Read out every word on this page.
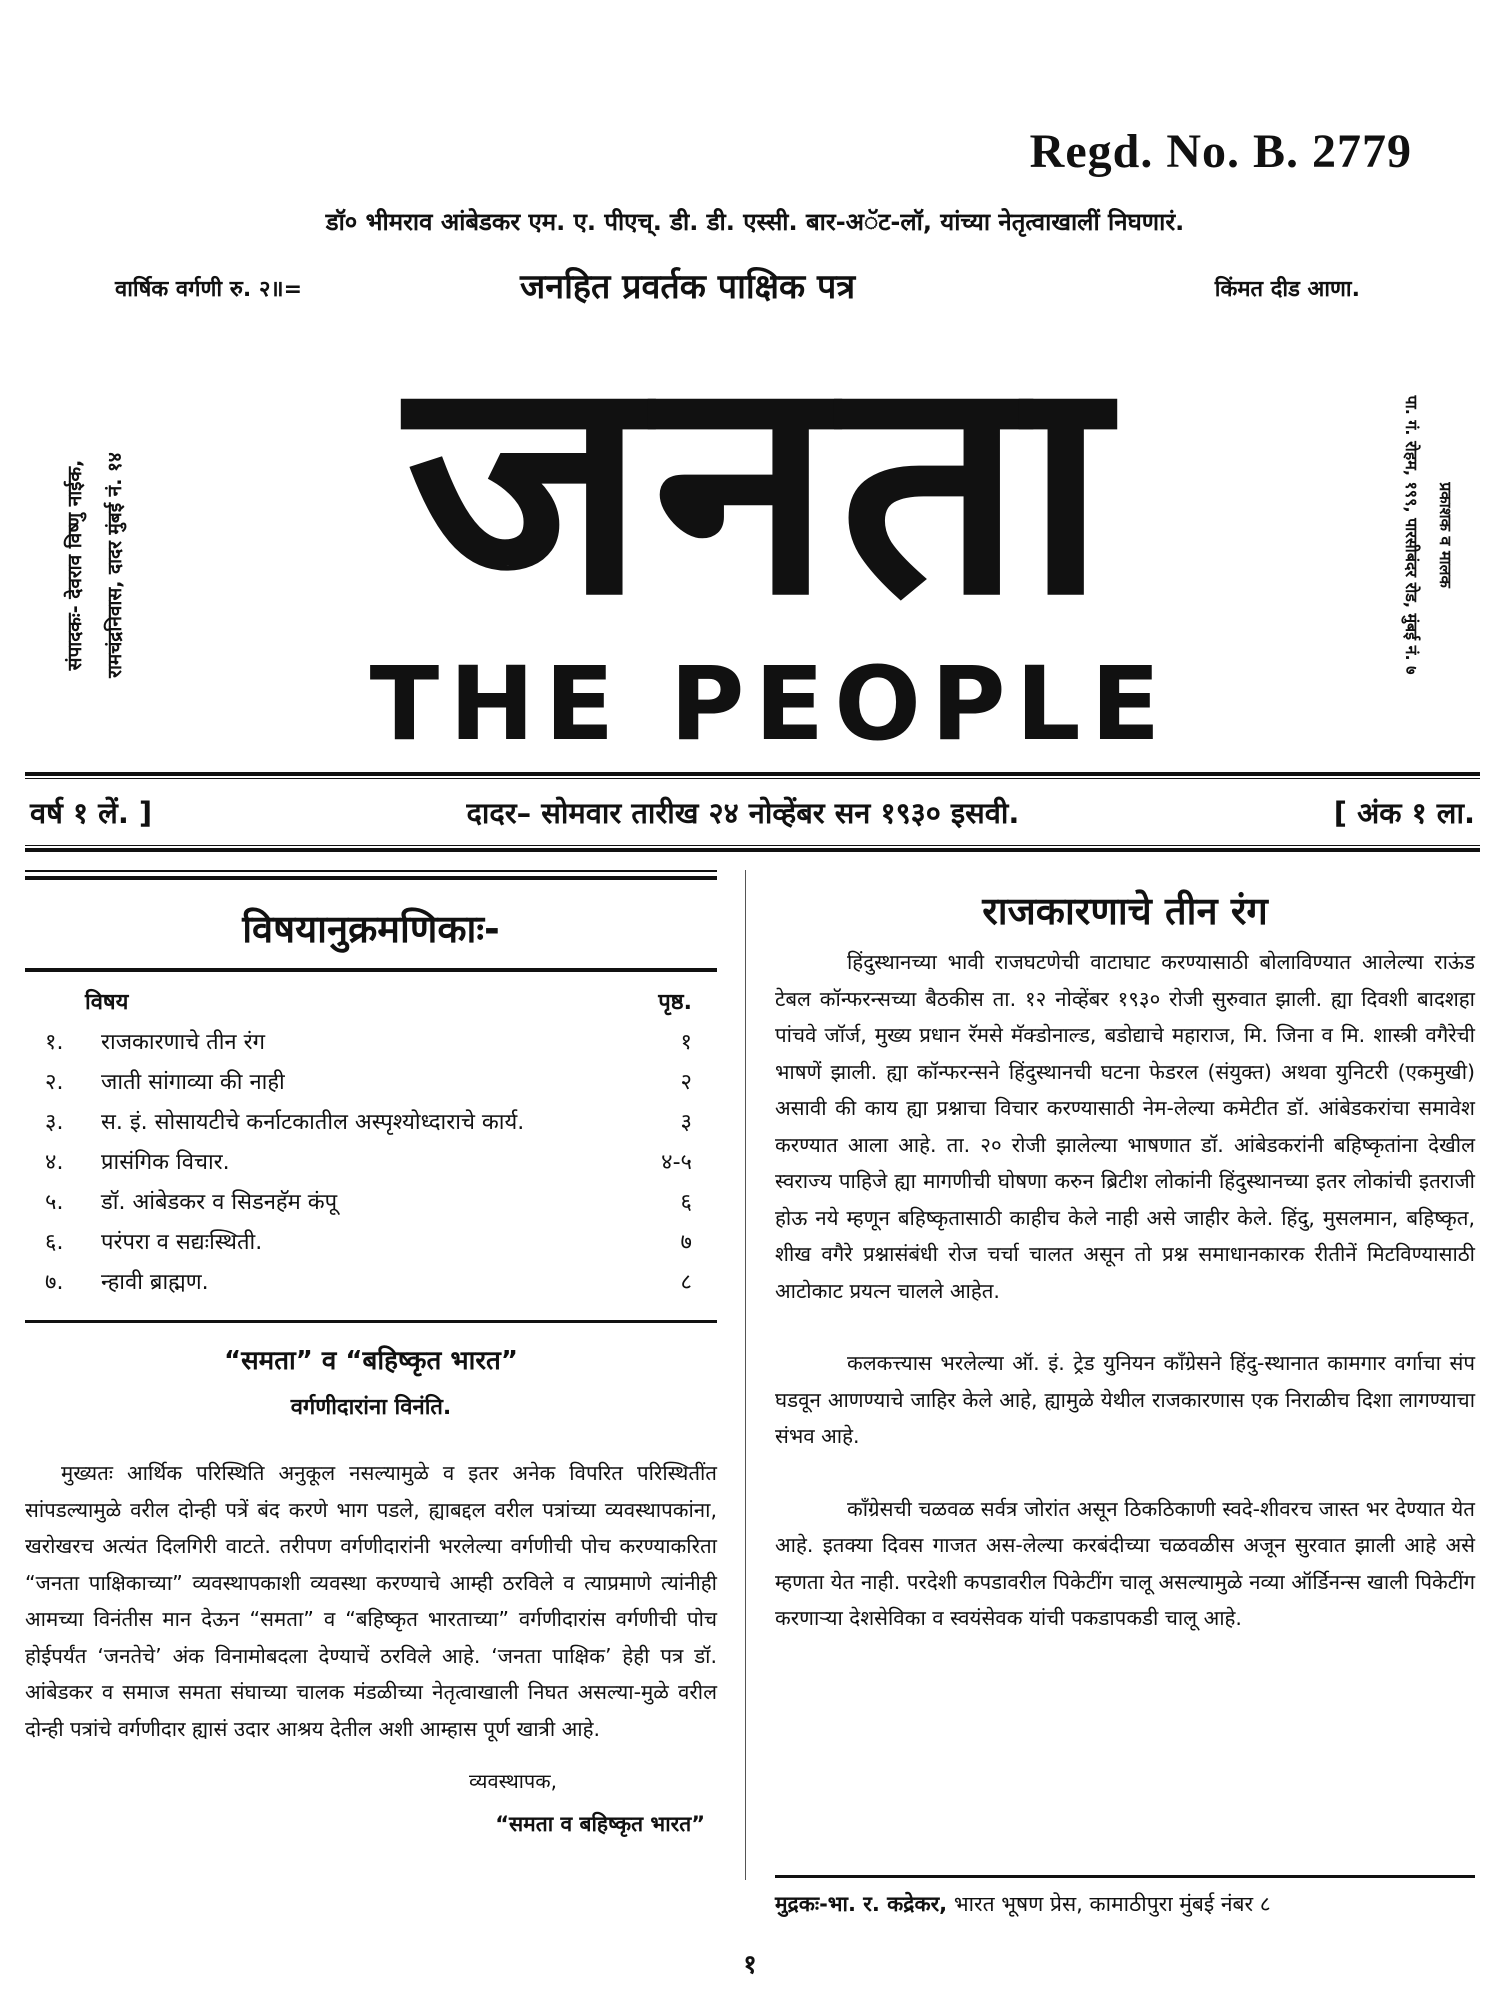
Regd. No. B. 2779
डॉ० भीमराव आंबेडकर एम. ए. पीएच्. डी. डी. एस्सी. बार-अॅट-लॉ, यांच्या नेतृत्वाखालीं निघणारं.
वार्षिक वर्गणी रु. २॥=	जनहित प्रवर्तक पाक्षिक पत्र	किंमत दीड आणा.
संपादकः- देवराव विष्णु नाईक, रामचंद्रनिवास, दादर मुंबई नं. १४	प्रकाशक व मालक
पा. गं. रोहम, १९९, पारसीबंदर रोड, मुंबई नं. ७
जनता
THE PEOPLE
वर्ष १ लें. ]	दादर– सोमवार तारीख २४ नोव्हेंबर सन १९३० इसवी.	[ अंक १ ला.
विषयानुक्रमणिकाः-
विषय	पृष्ठ.
१.	राजकारणाचे तीन रंग	१
२.	जाती सांगाव्या की नाही	२
३.	स. इं. सोसायटीचे कर्नाटकातील अस्पृश्योध्दाराचे कार्य.	३
४.	प्रासंगिक विचार.	४-५
५.	डॉ. आंबेडकर व सिडनहॅम कंपू	६
६.	परंपरा व सद्यःस्थिती.	७
७.	न्हावी ब्राह्मण.	८
“समता” व “बहिष्कृत भारत”
वर्गणीदारांना विनंति.
मुख्यतः आर्थिक परिस्थिति अनुकूल नसल्यामुळे व इतर अनेक विपरित परिस्थितींत सांपडल्यामुळे वरील दोन्ही पत्रें बंद करणे भाग पडले, ह्याबद्दल वरील पत्रांच्या व्यवस्थापकांना, खरोखरच अत्यंत दिलगिरी वाटते. तरीपण वर्गणीदारांनी भरलेल्या वर्गणीची पोच करण्याकरिता “जनता पाक्षिकाच्या” व्यवस्थापकाशी व्यवस्था करण्याचे आम्ही ठरविले व त्याप्रमाणे त्यांनीही आमच्या विनंतीस मान देऊन “समता” व “बहिष्कृत भारताच्या” वर्गणीदारांस वर्गणीची पोच होईपर्यंत ‘जनतेचे’ अंक विनामोबदला देण्याचें ठरविले आहे. ‘जनता पाक्षिक’ हेही पत्र डॉ. आंबेडकर व समाज समता संघाच्या चालक मंडळीच्या नेतृत्वाखाली निघत असल्या-मुळे वरील दोन्ही पत्रांचे वर्गणीदार ह्यासं उदार आश्रय देतील अशी आम्हास पूर्ण खात्री आहे.
व्यवस्थापक,
“समता व बहिष्कृत भारत”
राजकारणाचे तीन रंग
हिंदुस्थानच्या भावी राजघटणेची वाटाघाट करण्यासाठी बोलाविण्यात आलेल्या राऊंड टेबल कॉन्फरन्सच्या बैठकीस ता. १२ नोव्हेंबर १९३० रोजी सुरुवात झाली. ह्या दिवशी बादशहा पांचवे जॉर्ज, मुख्य प्रधान रॅमसे मॅक्डोनाल्ड, बडोद्याचे महाराज, मि. जिना व मि. शास्त्री वगैरेची भाषणें झाली. ह्या कॉन्फरन्सने हिंदुस्थानची घटना फेडरल (संयुक्त) अथवा युनिटरी (एकमुखी) असावी की काय ह्या प्रश्नाचा विचार करण्यासाठी नेम-लेल्या कमेटीत डॉ. आंबेडकरांचा समावेश करण्यात आला आहे. ता. २० रोजी झालेल्या भाषणात डॉ. आंबेडकरांनी बहिष्कृतांना देखील स्वराज्य पाहिजे ह्या मागणीची घोषणा करुन ब्रिटीश लोकांनी हिंदुस्थानच्या इतर लोकांची इतराजी होऊ नये म्हणून बहिष्कृतासाठी काहीच केले नाही असे जाहीर केले. हिंदु, मुसलमान, बहिष्कृत, शीख वगैरे प्रश्नासंबंधी रोज चर्चा चालत असून तो प्रश्न समाधानकारक रीतीनें मिटविण्यासाठी आटोकाट प्रयत्न चालले आहेत.
कलकत्त्यास भरलेल्या ऑ. इं. ट्रेड युनियन कॉंग्रेसने हिंदु-स्थानात कामगार वर्गाचा संप घडवून आणण्याचे जाहिर केले आहे, ह्यामुळे येथील राजकारणास एक निराळीच दिशा लागण्याचा संभव आहे.
कॉंग्रेसची चळवळ सर्वत्र जोरांत असून ठिकठिकाणी स्वदे-शीवरच जास्त भर देण्यात येत आहे. इतक्या दिवस गाजत अस-लेल्या करबंदीच्या चळवळीस अजून सुरवात झाली आहे असे म्हणता येत नाही. परदेशी कपडावरील पिकेटींग चालू असल्यामुळे नव्या ऑर्डिनन्स खाली पिकेटींग करणाऱ्या देशसेविका व स्वयंसेवक यांची पकडापकडी चालू आहे.
मुद्रकः-भा. र. कद्रेकर, भारत भूषण प्रेस, कामाठीपुरा मुंबई नंबर ८
१
